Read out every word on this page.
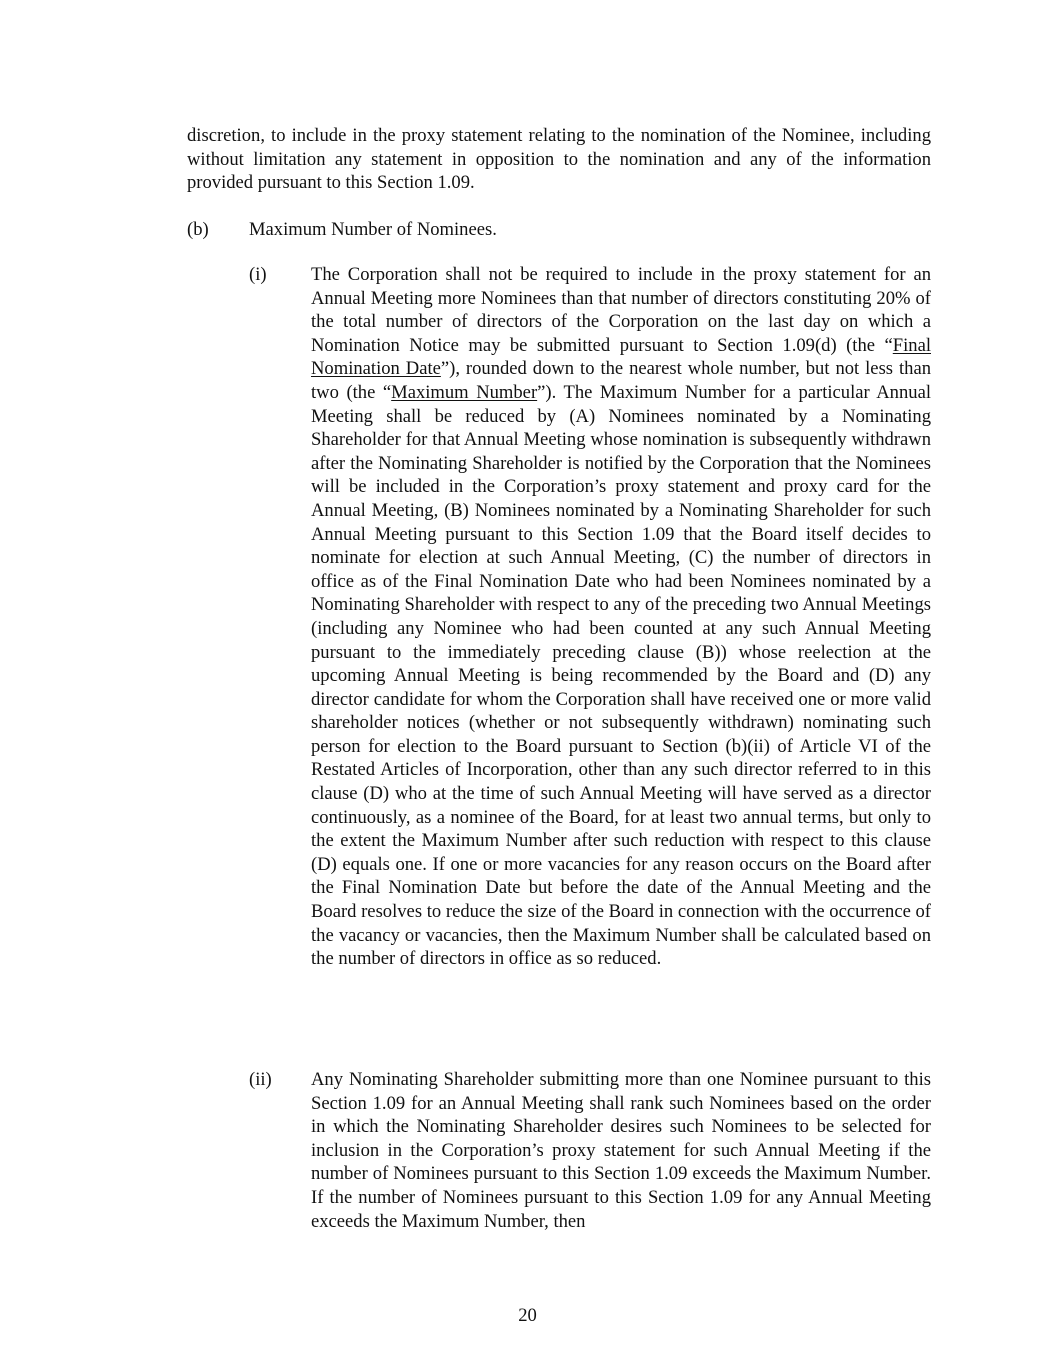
discretion, to include in the proxy statement relating to the nomination of the Nominee, including without limitation any statement in opposition to the nomination and any of the information provided pursuant to this Section 1.09.

(b) Maximum Number of Nominees.
(i) The Corporation shall not be required to include in the proxy statement for an Annual Meeting more Nominees than that number of directors constituting 20% of the total number of directors of the Corporation on the last day on which a Nomination Notice may be submitted pursuant to Section 1.09(d) (the “Final Nomination Date”), rounded down to the nearest whole number, but not less than two (the “Maximum Number”). The Maximum Number for a particular Annual Meeting shall be reduced by (A) Nominees nominated by a Nominating Shareholder for that Annual Meeting whose nomination is subsequently withdrawn after the Nominating Shareholder is notified by the Corporation that the Nominees will be included in the Corporation’s proxy statement and proxy card for the Annual Meeting, (B) Nominees nominated by a Nominating Shareholder for such Annual Meeting pursuant to this Section 1.09 that the Board itself decides to nominate for election at such Annual Meeting, (C) the number of directors in office as of the Final Nomination Date who had been Nominees nominated by a Nominating Shareholder with respect to any of the preceding two Annual Meetings (including any Nominee who had been counted at any such Annual Meeting pursuant to the immediately preceding clause (B)) whose reelection at the upcoming Annual Meeting is being recommended by the Board and (D) any director candidate for whom the Corporation shall have received one or more valid shareholder notices (whether or not subsequently withdrawn) nominating such person for election to the Board pursuant to Section (b)(ii) of Article VI of the Restated Articles of Incorporation, other than any such director referred to in this clause (D) who at the time of such Annual Meeting will have served as a director continuously, as a nominee of the Board, for at least two annual terms, but only to the extent the Maximum Number after such reduction with respect to this clause (D) equals one. If one or more vacancies for any reason occurs on the Board after the Final Nomination Date but before the date of the Annual Meeting and the Board resolves to reduce the size of the Board in connection with the occurrence of the vacancy or vacancies, then the Maximum Number shall be calculated based on the number of directors in office as so reduced.

(ii) Any Nominating Shareholder submitting more than one Nominee pursuant to this Section 1.09 for an Annual Meeting shall rank such Nominees based on the order in which the Nominating Shareholder desires such Nominees to be selected for inclusion in the Corporation’s proxy statement for such Annual Meeting if the number of Nominees pursuant to this Section 1.09 exceeds the Maximum Number. If the number of Nominees pursuant to this Section 1.09 for any Annual Meeting exceeds the Maximum Number, then

20
